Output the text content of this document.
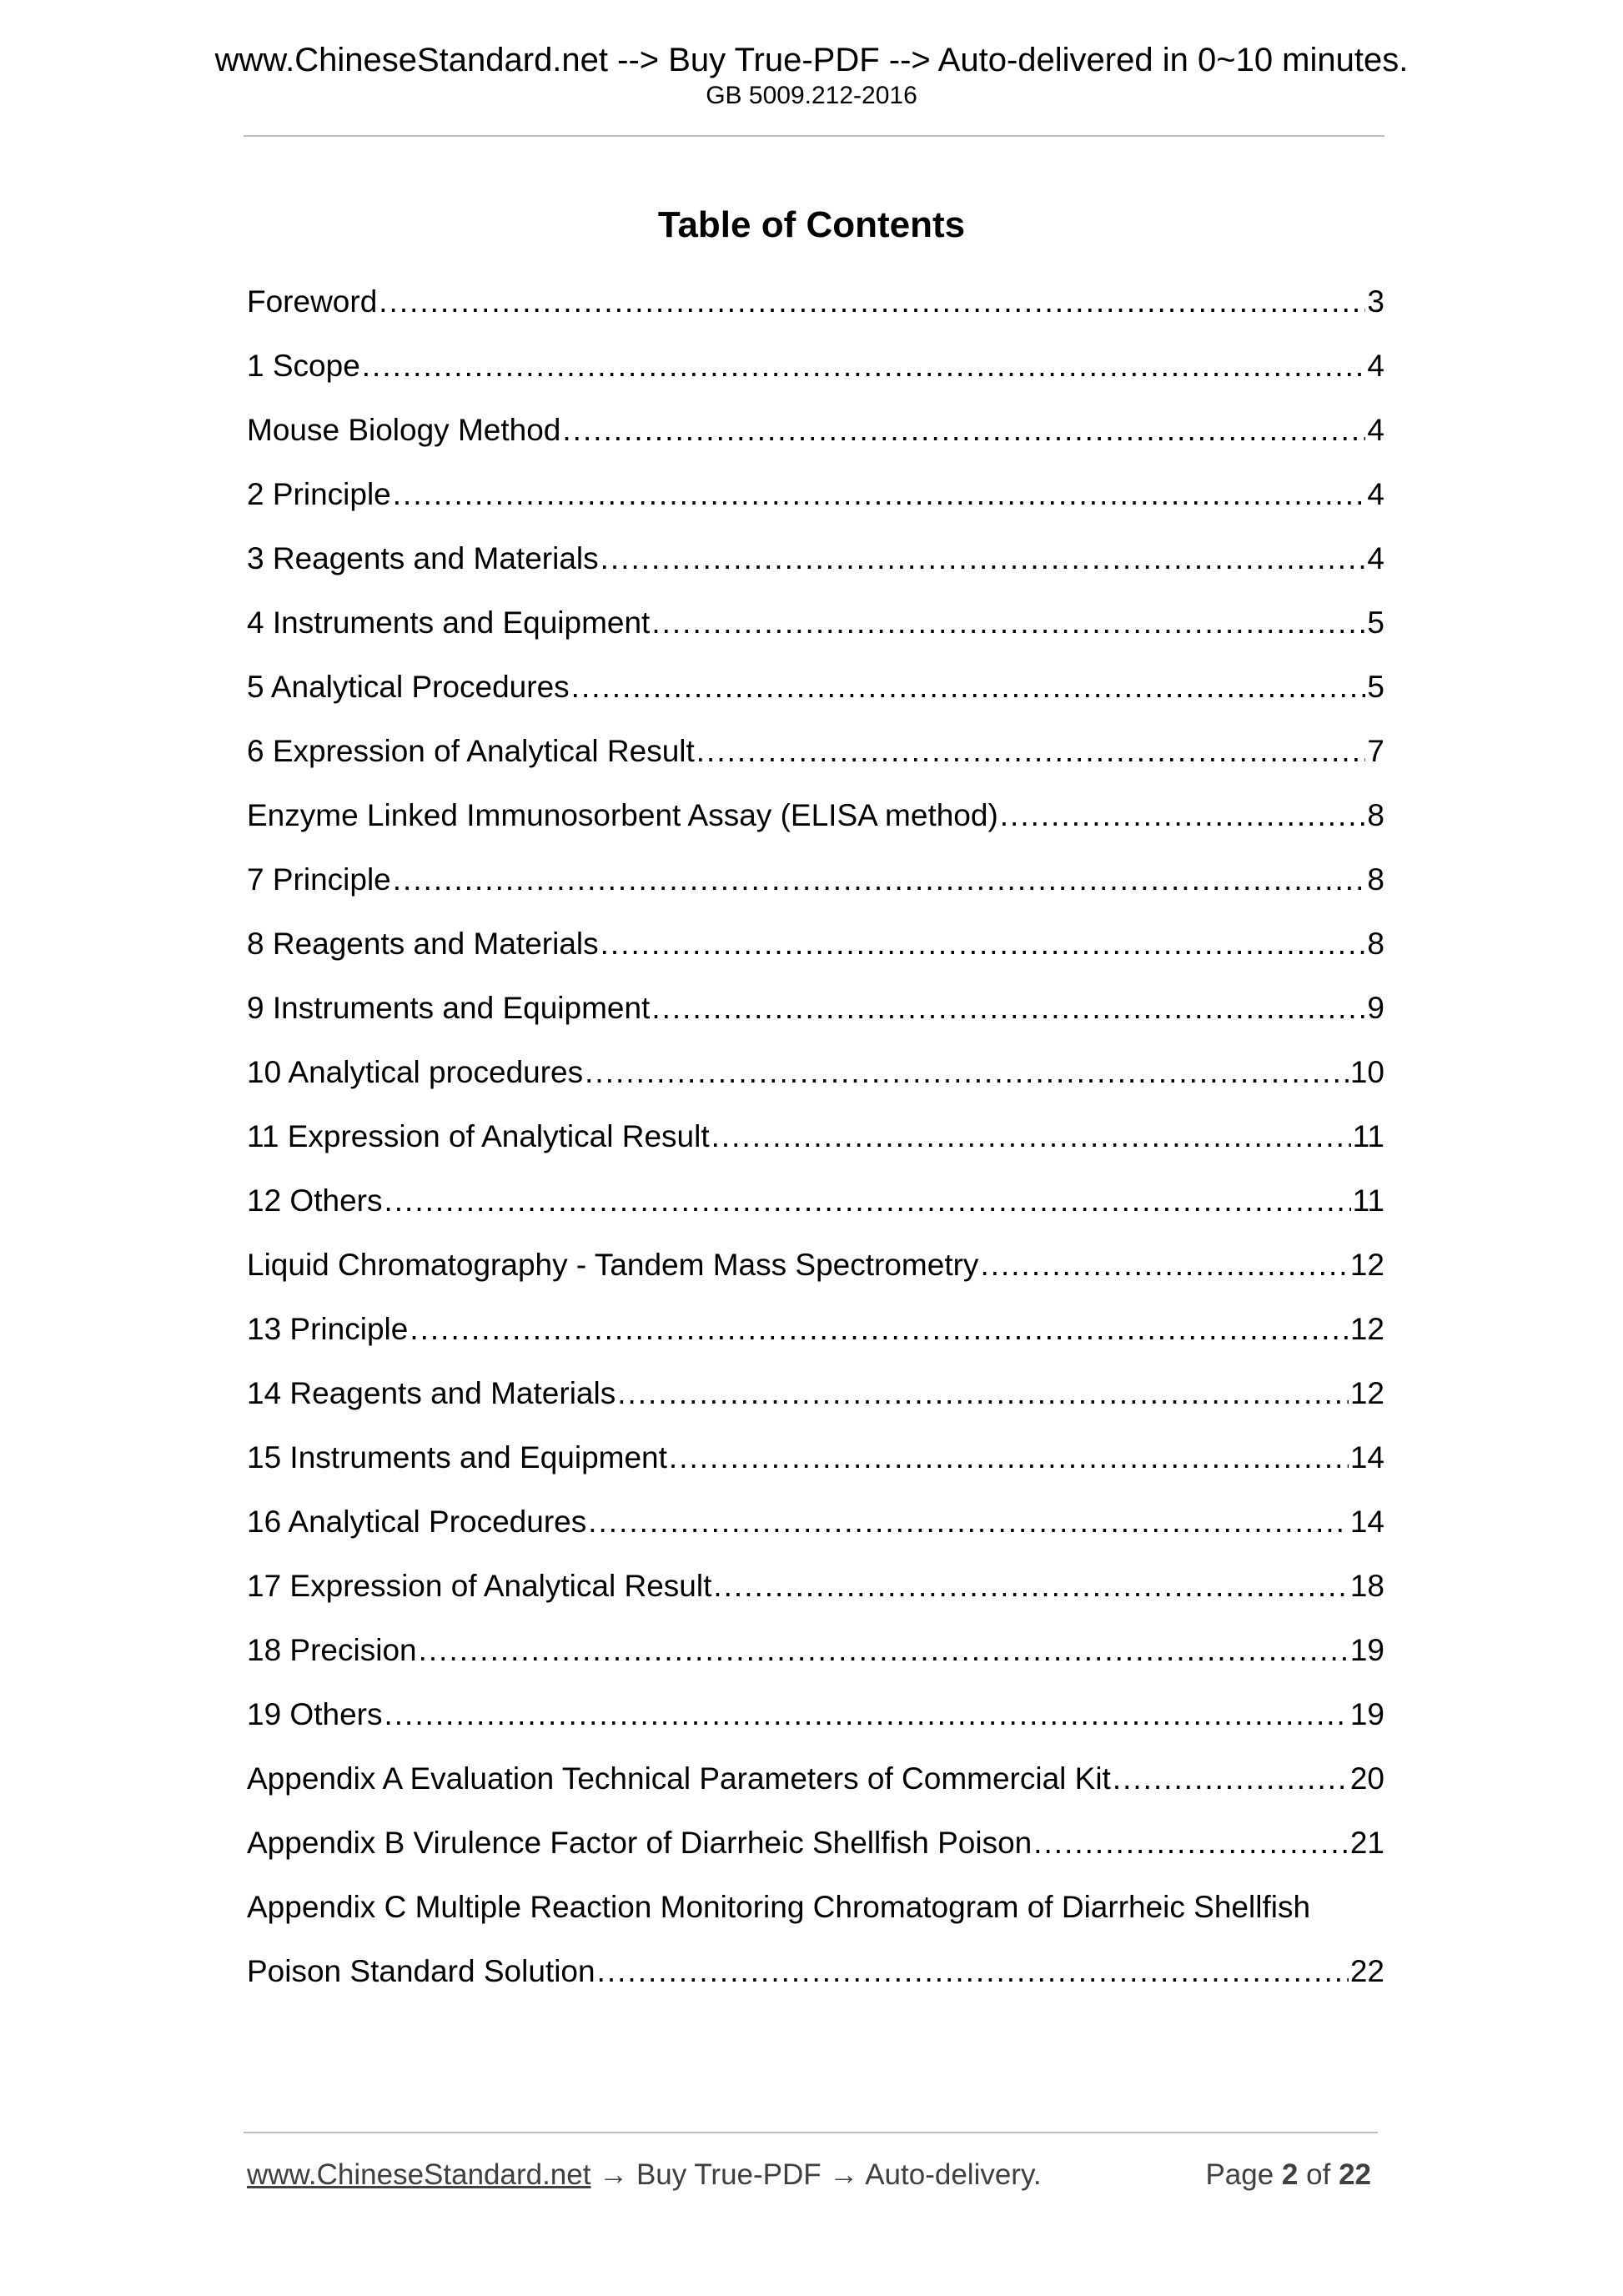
www.ChineseStandard.net --> Buy True-PDF --> Auto-delivered in 0~10 minutes.
GB 5009.212-2016
Table of Contents
Foreword .....	3
1 Scope .....	4
Mouse Biology Method .....	4
2 Principle .....	4
3 Reagents and Materials .....	4
4 Instruments and Equipment .....	5
5 Analytical Procedures .....	5
6 Expression of Analytical Result .....	7
Enzyme Linked Immunosorbent Assay (ELISA method) .....	8
7 Principle .....	8
8 Reagents and Materials .....	8
9 Instruments and Equipment .....	9
10 Analytical procedures .....	10
11 Expression of Analytical Result .....	11
12 Others .....	11
Liquid Chromatography - Tandem Mass Spectrometry .....	12
13 Principle .....	12
14 Reagents and Materials .....	12
15 Instruments and Equipment .....	14
16 Analytical Procedures .....	14
17 Expression of Analytical Result .....	18
18 Precision .....	19
19 Others .....	19
Appendix A Evaluation Technical Parameters of Commercial Kit .....	20
Appendix B Virulence Factor of Diarrheic Shellfish Poison .....	21
Appendix C Multiple Reaction Monitoring Chromatogram of Diarrheic Shellfish
Poison Standard Solution .....	22
www.ChineseStandard.net → Buy True-PDF → Auto-delivery.	Page 2 of 22
